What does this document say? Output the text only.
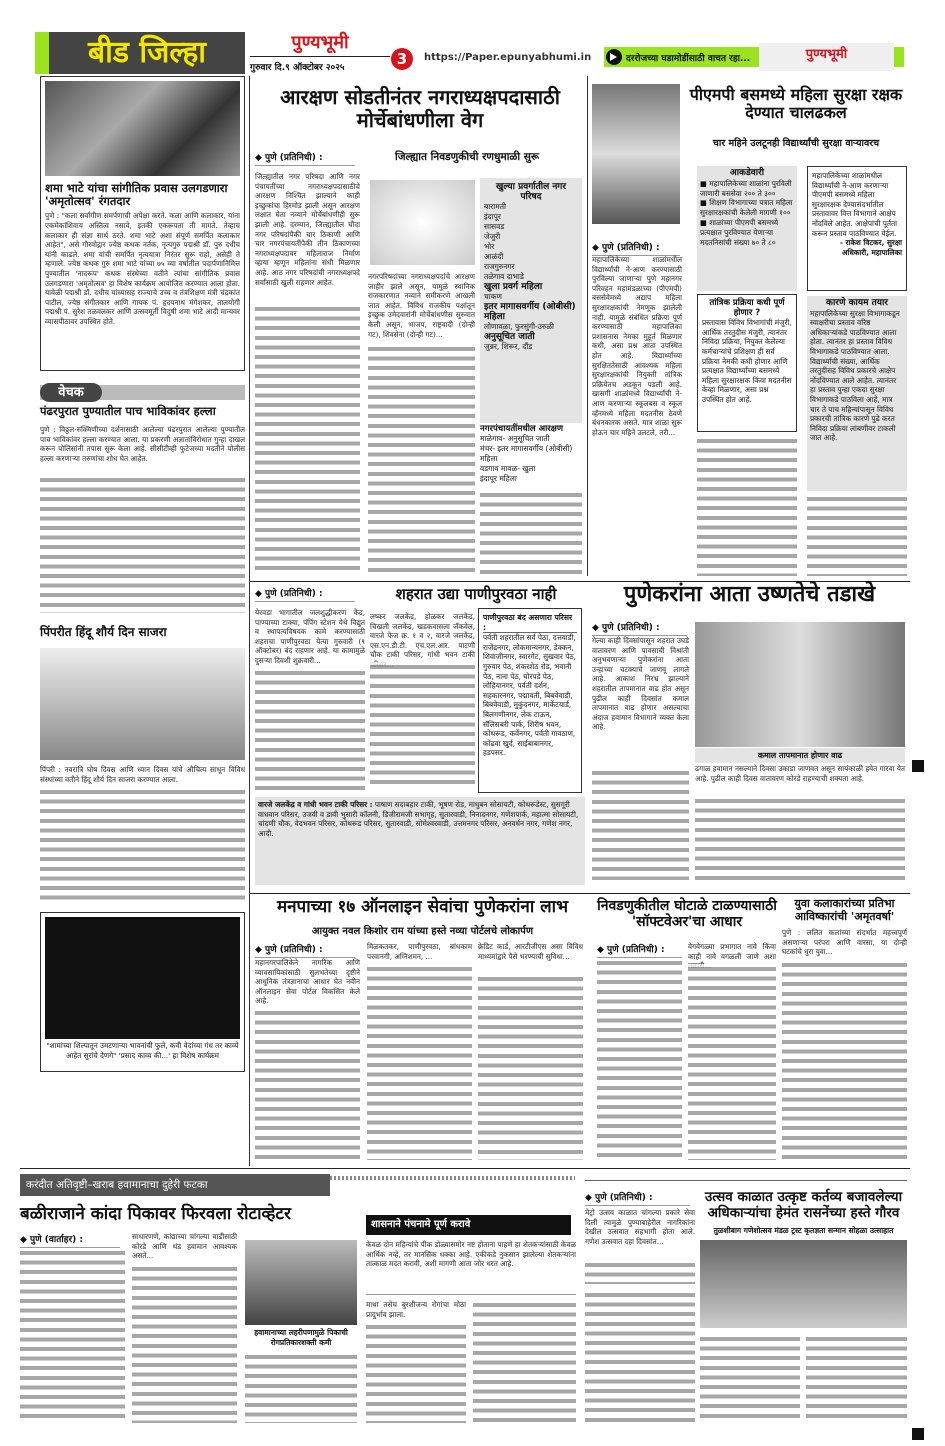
बीड जिल्हा	पुण्यभूमी
गुरुवार दि.९ ऑक्टोबर २०२५	3	https://Paper.epunyabhumi.in	दररोजच्या घडामोडींसाठी वाचत रहा...	पुण्यभूमी
शमा भाटे यांचा सांगीतिक प्रवास उलगडणारा 'अमृतोत्सव' रंगतदार
पुणे : "कला सर्वांगीण समर्पणाची अपेक्षा करते. कला आणि कलाकार, यांना एकमेकांशिवाय अस्तित्व नसावे, इतकी एकरूपता ती मागते. तेव्हाच कलाकार ही संज्ञा सार्थ ठरते. शमा भाटे अशा संपूर्ण समर्पित कलाकार आहेत", असे गौरवोद्गार ज्येष्ठ कथक नर्तक, नृत्यगुरु पद्मश्री डॉ. पुरु दधीच यांनी काढले. शमा यांची समर्पित नृत्ययात्रा निरंतर सुरू राहो, असेही ते म्हणाले. ज्येष्ठ कथक गुरु शमा भाटे यांच्या ७५ व्या वर्षातील पदार्पणानिमित्त पुण्यातील 'नादरूप' कथक संस्थेच्या वतीने त्यांचा सांगीतिक प्रवास उलगडणारा 'अमृतोत्सव' हा विशेष कार्यक्रम आयोजित करण्यात आला होता. यावेळी पद्मश्री डॉ. दधीच यांच्यासह राज्याचे उच्च व तंत्रशिक्षण मंत्री चंद्रकांत पाटील, ज्येष्ठ संगीतकार आणि गायक पं. हृदयनाथ मंगेशकर, तालयोगी पद्मश्री पं. सुरेश तळवलकर आणि उत्सवमूर्ती विदुषी शमा भाटे आदी मान्यवर व्यासपीठावर उपस्थित होते.
वेचक
पंढरपुरात पुण्यातील पाच भाविकांवर हल्ला
पुणे : विठ्ठल-रुक्मिणीच्या दर्शनासाठी आलेल्या पंढरपुरात आलेल्या पुण्यातील पाच भाविकांवर हल्ला करण्यात आला. या प्रकरणी अज्ञातांविरोधात गुन्हा दाखल करून पोलिसांनी तपास सुरू केला आहे. सीसीटीव्ही फुटेजच्या मदतीने पोलीस हल्ला करणाऱ्या तरुणांचा शोध घेत आहेत.
पिंपरीत हिंदू शौर्य दिन साजरा
पिंपरी : नवरात्रि घोष दिवस आणि ध्यान दिवस यांचे औचित्य साधून विविध संस्थांच्या वतीने हिंदू शौर्य दिन साजरा करण्यात आला.
आरक्षण सोडतीनंतर नगराध्यक्षपदासाठी मोर्चेबांधणीला वेग
◆ पुणे (प्रतिनिधी) :	जिल्ह्यात निवडणुकीची रणधुमाळी सुरू
जिल्ह्यातील नगर परिषदा आणि नगर पंचायतींच्या नगराध्यक्षपदासाठीचे आरक्षण निश्चित झाल्याने काही इच्छुकांचा हिरमोड झाली असून आरक्षण लक्षात घेता नव्याने मोर्चेबांधणीही सुरू झाली आहे. दरम्यान, जिल्ह्यातील चौदा नगर परिषदांपैकी चार ठिकाणी आणि चार नगरपंचायतींपैकी तीन ठिकाणच्या नगराध्यक्षपदावर महिलाराज निर्माण व्हाया म्हणून महिलांना संधी मिळणार आहे. आठ नगर परिषदांची नगराध्यक्षपदे सर्वांसाठी खुली राहणार आहेत.
नगरपरिषदांच्या नगराध्यक्षपदांचे आरक्षण जाहीर झाले असून, यामुळे स्थानिक राजकारणात नव्याने समीकरणे आखली जात आहेत. विविध राजकीय पक्षांतून इच्छुक उमेदवारांनी मोर्चेबांधणीस सुरुवात केली असून, भाजप, राष्ट्रवादी (दोन्ही गट), शिवसेना (दोन्ही गट)...
खुल्या प्रवर्गातील नगर परिषद
बारामती
इंदापूर
सासवड
जेजुरी
भोर
आळंदी
राजगुरुनगर
तळेगाव दाभाडे
खुला प्रवर्ग महिला
चाकण
इतर मागासवर्गीय (ओबीसी) महिला
लोणावळा, फुरसुंगी-उरुळी
अनुसूचित जाती
जुन्नर, शिरूर, दौंड
नगरपंचायतींमधील आरक्षण
माळेगाव- अनुसूचित जाती
मंचर- इतर मागासवर्गीय (ओबीसी) महिला
वडगाव मावळ- खुला
इंदापूर महिला
पीएमपी बसमध्ये महिला सुरक्षा रक्षक देण्यात चालढकल
चार महिने उलटूनही विद्यार्थ्यांची सुरक्षा वाऱ्यावरच
◆ पुणे (प्रतिनिधी) :
महापालिकेच्या शाळांमधील विद्यार्थ्यांची ने-आण करण्यासाठी पुरविल्या जाणाऱ्या पुणे महानगर परिवहन महामंडळाच्या (पीएमपी) बससेवेमध्ये अद्याप महिला सुरक्षारक्षकांची नेमणूक झालेली नाही. यामुळे संबंधित प्रक्रिया पूर्ण करण्यासाठी महापालिका प्रशासनास नेमका मुहूर्त मिळणार कधी, असा प्रश्न आता उपस्थित होत आहे. विद्यार्थ्यांच्या सुरक्षिततेसाठी आवश्यक महिला सुरक्षारक्षकांची नियुक्ती तांत्रिक प्रक्रियेतच अडकून पडली आहे. खासगी शाळांमध्ये विद्यार्थ्यांची ने-आण करणाऱ्या स्कूलबस व स्कूल व्हॅनमध्ये महिला मदतनीस ठेवणे बंधनकारक असते. मात्र शाळा सुरू होऊन चार महिने उलटले, तरी...
आकडेवारी
■ महापालिकेच्या शाळांना पुरविली जाणारी बससेवा २०० ते ३००
■ शिक्षण विभागाच्या पत्रात महिला सुरक्षारक्षकांची केलेली मागणी १००
■ शाळांच्या पीएमपी बसमध्ये प्रत्यक्षात पुरविण्यात येणाऱ्या मदतनिसांची संख्या ७० ते ८०
तांत्रिक प्रक्रिया कधी पूर्ण होणार ?
प्रस्तावास विविध विभागांची मंजुरी, आर्थिक तरतुदीस मंजुरी, त्यानंतर निविदा प्रक्रिया, नियुक्त केलेल्या कर्मचाऱ्यांचे प्रशिक्षण ही सर्व प्रक्रिया नेमकी कधी होणार आणि प्रत्यक्षात विद्यार्थ्यांच्या बसमध्ये महिला सुरक्षारक्षक किंवा मदतनीस केव्हा मिळणार, असा प्रश्न उपस्थित होत आहे.
महापालिकेच्या शाळांमधील विद्यार्थ्यांची ने-आण करणाऱ्या पीएमपी बसमध्ये महिला सुरक्षारक्षक देण्यासंदर्भातील प्रस्तावावर वित्त विभागाने आक्षेप नोंदविले आहेत. आक्षेपांची पूर्तता करून प्रस्ताव पाठविण्यात येईल.
- राकेश विटकर, सुरक्षा अधिकारी, महापालिका
कारणे कायम तयार
महापालिकेच्या सुरक्षा विभागाकडून स्वाक्षरीचा प्रस्ताव वरिष्ठ अधिकाऱ्यांकडे पाठविण्यात आला होता. त्यानंतर हा प्रस्ताव विविध विभागाकडे पाठविण्यात आला. विद्यार्थ्यांची संख्या, आर्थिक तरतुदीसह विविध प्रकारचे आक्षेप नोंदविण्यात आले आहेत. त्यानंतर हा प्रस्ताव पुन्हा एकदा सुरक्षा विभागाकडे पाठविला आहे, मात्र चार ते पाच महिन्यांपासून विविध प्रकारची तांत्रिक कारणे पुढे करत निविदा प्रक्रिया लांबणीवर टाकली जात आहे.
◆ पुणे (प्रतिनिधी) :	शहरात उद्या पाणीपुरवठा नाही
येरवडा भागातील जलशुद्धीकरण केंद्र, पाण्याच्या टाक्या, पंपिंग स्टेशन येथे विद्युत व स्थापत्यविषयक कामे करण्यासाठी शहराचा पाणीपुरवठा येत्या गुरुवारी (९ ऑक्टोबर) बंद राहणार आहे. या कामामुळे दुसऱ्या दिवशी शुक्रवारी...
लष्कर जलकेंद्र, होळकर जलकेंद्र, चिखली जलकेंद्र, खडकवासला जॅकवेल, वारजे फेज क्र. १ व २, वारजे जलकेंद्र, एस.एन.डी.टी. एच.एल.आर. पाटणी चौक टाकी परिसर, गांधी भवन टाकी
पाणीपुरवठा बंद असणारा परिसर :
पर्वती शहरातील सर्व पेठा, दत्तवाडी, राजेंद्रनगर, लोकमान्यनगर, डेक्कन, शिवाजीनगर, स्वारगेट, सुखवार पेठ, गुरुवार पेठ, शंकरशेठ रोड, भवानी पेठ, नाना पेठ, घोरपडे पेठ, लोहियानगर, पर्वती दर्शन, सहकारनगर, पद्मावती, बिबवेवाडी, बिबवेवाडी, मुकुंदनगर, मार्केटयार्ड, बिलगणीनगर, लेक टाऊन, सॅलिसबरी पार्क, शिरीष भवन, कोथरूड, कर्वेनगर, पर्वती गावठाण, कोंढवा खुर्द, साईबाबानगर, हडपसर.
वारजे जलकेंद्र व गांधी भवन टाकी परिसर : पाषाण सदाबहार टाकी, भूषण रोड, माधुबन सोसायटी, कोथरूडेस्ट, सुसगूरी वाधवान परिसर, उजवी व डावी भुसारी कॉलनी, डिजीरामजी सभागृह, सुतारवाडी, निनादनगर, गणेशपार्क, महात्मा सोसायटी, चांदणी चौक, वेदभवन परिसर, कोथरूड परिसर, सुतारवाडी, सोमेश्वरवाडी, उत्तमनगर परिसर, अनवर्धन नगर, गणेश नगर, आदी.
पुणेकरांना आता उष्णतेचे तडाखे
◆ पुणे (प्रतिनिधी) :
गेल्या काही दिवसांपासून शहरात उघडे वातावरण आणि पावसाची विश्रांती अनुभवणाऱ्या पुणेकरांना आता उन्हाच्या चटक्याचे जाणवू लागले आहे. आकाश निरभ्र झाल्याने शहरातील तापमानात वाढ होत असून पुढील काही दिवसांत कमाल तापमानात वाढ होणार असल्याचा अंदाज हवामान विभागाने व्यक्त केला आहे.
कमाल तापमानात होणार वाढ
ढगाळ हवामान नसल्याने दिवसा उकाडा जाणवत असून सायंकाळी हवेत गारवा येत आहे. पुढील काही दिवस वातावरण कोरडे राहण्याची शक्यता आहे.
"शामांच्या शिल्पातून उमटणाऱ्या भावनांची फुले, कवी वेदांच्या गंध तर काव्ये आहेत सुरांचे देणगे" 'प्रसाद काव्य की...' हा विशेष कार्यक्रम
मनपाच्या १७ ऑनलाइन सेवांचा पुणेकरांना लाभ
आयुक्त नवल किशोर राम यांच्या हस्ते नव्या पोर्टलचे लोकार्पण
◆ पुणे (प्रतिनिधी) :
महानगरपालिकेने नागरिक आणि व्यावसायिकांसाठी सुलभतेच्या दृष्टीने आधुनिक तंत्रज्ञानाचा आधार घेत नवीन ऑनलाइन सेवा पोर्टल विकसित केले आहे.
मिळकतकर, पाणीपुरवठा, बांधकाम परवानगी, अग्निशमन, ...
क्रेडिट कार्ड, आरटीजीएस असा विविध माध्यमांद्वारे पैसे भरण्याची सुविधा...
निवडणुकीतील घोटाळे टाळण्यासाठी 'सॉफ्टवेअर'चा आधार
◆ पुणे (प्रतिनिधी) :	वेगवेगळ्या प्रभागात नावे किंवा काही नावे वगळली जाणे अशा
युवा कलाकारांच्या प्रतिभा आविष्कारांची 'अमृतवर्षा'
पुणे : ललित कलांच्या संदर्भात महत्त्वपूर्ण असणाऱ्या परंपरा आणि वारसा, या दोन्ही घटकांचे धुरा युवा...
करंदीत अतिवृष्टी–खराब हवामानाचा दुहेरी फटका
बळीराजाने कांदा पिकावर फिरवला रोटाव्हेटर
◆ पुणे (वार्ताहर) :	साधारणणे, कांद्याच्या चांगल्या वाढीसाठी कोरडे आणि थंड हवामान आवश्यक असते...
हवामानाच्या लहरीपणामुळे पिकाची रोगप्रतिकारशक्ती कमी
शासनाने पंचनामे पूर्ण करावे
केवळ दोन महिन्यांचे पीक डोळ्यासमोर नष्ट होताना पाहणे हा शेतकऱ्यांसाठी केवळ आर्थिक नव्हे, तर मानसिक धक्का आहे. एकीकडे नुकसान झालेल्या शेतकऱ्यांना तात्काळ मदत करावी, अशी मागणी आता जोर धरत आहे.
माथा तसेच बुरशीजन्य रोगांचा मोठा प्रादुर्भाव झाला.
◆ पुणे (प्रतिनिधी) :
मेट्रो उत्सव काळात चांगल्या प्रकारे सेवा दिली त्यामुळे पुण्याबाहेरील नागरिकांना देखील उत्सवात सहभागी होता आले. गणेश उत्सवात दहा दिवसांत...
उत्सव काळात उत्कृष्ट कर्तव्य बजावलेल्या अधिकाऱ्यांचा हेमंत रासनेंच्या हस्ते गौरव
तुळशीबाग गणेशोत्सव मंडळ ट्रस्ट कृतज्ञता सन्मान सोहळा उत्साहात
